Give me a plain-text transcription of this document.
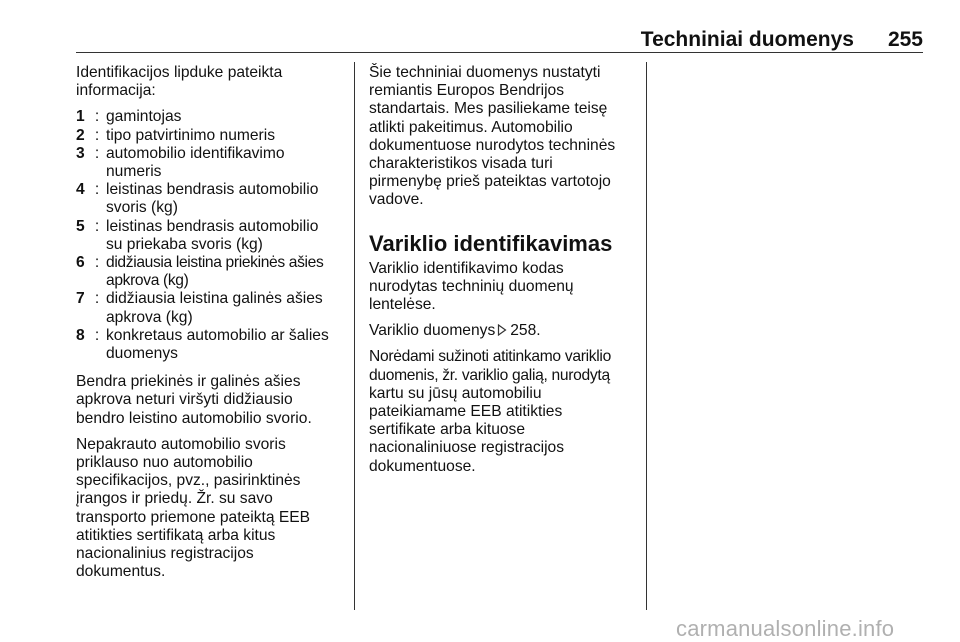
Techniniai duomenys 255

Identifikacijos lipduke pateikta informacija:

1 : gamintojas
2 : tipo patvirtinimo numeris
3 : automobilio identifikavimo
numeris
4 : leistinas bendrasis automobilio
svoris (kg)
5 : leistinas bendrasis automobilio
su priekaba svoris (kg)
6 : didžiausia leistina priekinės ašies
apkrova (kg)
7 : didžiausia leistina galinės ašies
apkrova (kg)
8 : konkretaus automobilio ar šalies
duomenys

Bendra priekinės ir galinės ašies
apkrova neturi viršyti didžiausio
bendro leistino automobilio svorio.

Nepakrauto automobilio svoris
priklauso nuo automobilio
specifikacijos, pvz., pasirinktinės
įrangos ir priedų. Žr. su savo
transporto priemone pateiktą EEB
atitikties sertifikatą arba kitus
nacionalinius registracijos
dokumentus.

Šie techniniai duomenys nustatyti
remiantis Europos Bendrijos
standartais. Mes pasiliekame teisę
atlikti pakeitimus. Automobilio
dokumentuose nurodytos techninės
charakteristikos visada turi
pirmenybę prieš pateiktas vartotojo
vadove.

Variklio identifikavimas

Variklio identifikavimo kodas
nurodytas techninių duomenų
lentelėse.

Variklio duomenys 258.

Norėdami sužinoti atitinkamo variklio
duomenis, žr. variklio galią, nurodytą
kartu su jūsų automobiliu
pateikiamame EEB atitikties
sertifikate arba kituose
nacionaliniuose registracijos
dokumentuose.

carmanualsonline.info
